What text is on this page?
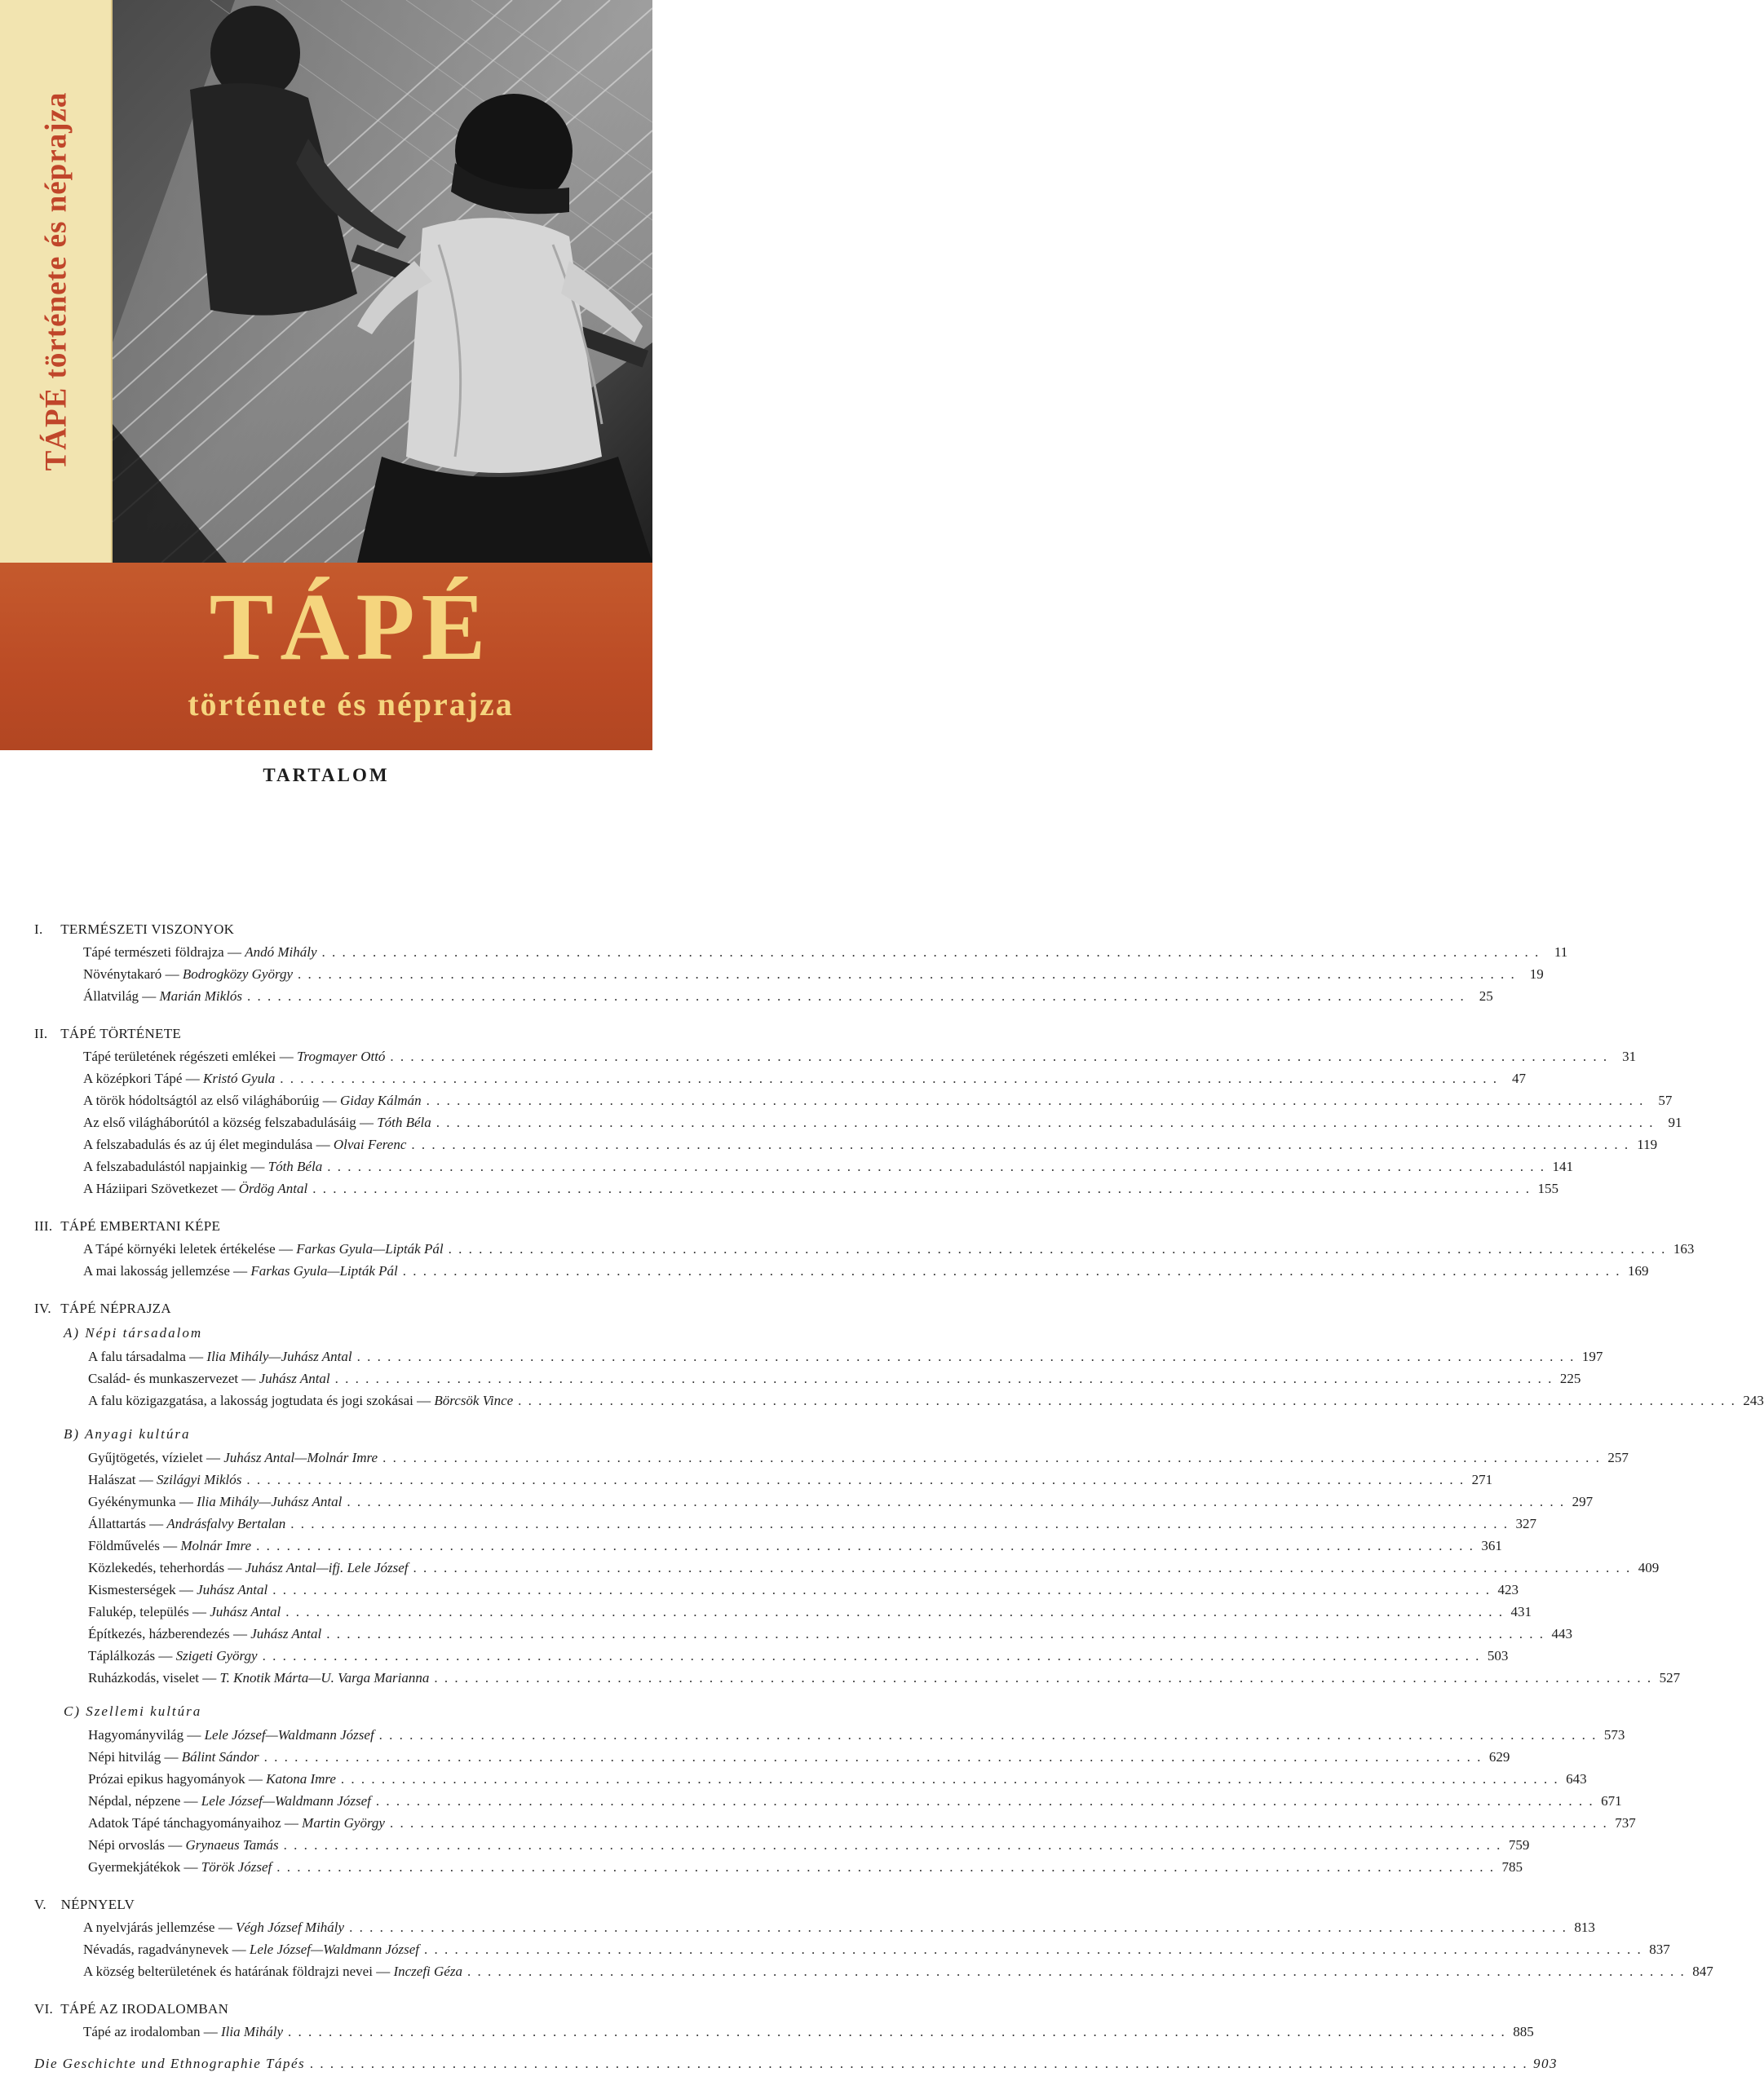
TÁPÉ története és néprajza
TÁPÉ
története és néprajza
TARTALOM
I. TERMÉSZETI VISZONYOK
Tápé természeti földrajza — Andó Mihály . . . . . . . . . . . . . . . . . . . . . . . . . . . . . . . . . . . . . . . . . . . . . . . . . . . . . . . . . . . . . . . . . . . . . . . . . . . . . . . . . . . . . . . . . . . . . . . . . . . . . . . . . . . . . . . . . . . . . . . .	11
Növénytakaró — Bodrogközy György . . . . . . . . . . . . . . . . . . . . . . . . . . . . . . . . . . . . . . . . . . . . . . . . . . . . . . . . . . . . . . . . . . . . . . . . . . . . . . . . . . . . . . . . . . . . . . . . . . . . . . . . . . . . . . . . . . . . . . . .	19
Állatvilág — Marián Miklós . . . . . . . . . . . . . . . . . . . . . . . . . . . . . . . . . . . . . . . . . . . . . . . . . . . . . . . . . . . . . . . . . . . . . . . . . . . . . . . . . . . . . . . . . . . . . . . . . . . . . . . . . . . . . . . . . . . . . . . .	25
II. TÁPÉ TÖRTÉNETE
Tápé területének régészeti emlékei — Trogmayer Ottó . . . . . . . . . . . . . . . . . . . . . . . . . . . . . . . . . . . . . . . . . . . . . . . . . . . . . . . . . . . . . . . . . . . . . . . . . . . . . . . . . . . . . . . . . . . . . . . . . . . . . . . . . . . . . . . . . . . . . . . .	31
A középkori Tápé — Kristó Gyula . . . . . . . . . . . . . . . . . . . . . . . . . . . . . . . . . . . . . . . . . . . . . . . . . . . . . . . . . . . . . . . . . . . . . . . . . . . . . . . . . . . . . . . . . . . . . . . . . . . . . . . . . . . . . . . . . . . . . . . .	47
A török hódoltságtól az első világháborúig — Giday Kálmán . . . . . . . . . . . . . . . . . . . . . . . . . . . . . . . . . . . . . . . . . . . . . . . . . . . . . . . . . . . . . . . . . . . . . . . . . . . . . . . . . . . . . . . . . . . . . . . . . . . . . . . . . . . . . . . . . . . . . . . .	57
Az első világháborútól a község felszabadulásáig — Tóth Béla . . . . . . . . . . . . . . . . . . . . . . . . . . . . . . . . . . . . . . . . . . . . . . . . . . . . . . . . . . . . . . . . . . . . . . . . . . . . . . . . . . . . . . . . . . . . . . . . . . . . . . . . . . . . . . . . . . . . . . . .	91
A felszabadulás és az új élet megindulása — Olvai Ferenc . . . . . . . . . . . . . . . . . . . . . . . . . . . . . . . . . . . . . . . . . . . . . . . . . . . . . . . . . . . . . . . . . . . . . . . . . . . . . . . . . . . . . . . . . . . . . . . . . . . . . . . . . . . . . . . . . . . . . . . . 119
A felszabadulástól napjainkig — Tóth Béla . . . . . . . . . . . . . . . . . . . . . . . . . . . . . . . . . . . . . . . . . . . . . . . . . . . . . . . . . . . . . . . . . . . . . . . . . . . . . . . . . . . . . . . . . . . . . . . . . . . . . . . . . . . . . . . . . . . . . . . . 141
A Háziipari Szövetkezet — Ördög Antal . . . . . . . . . . . . . . . . . . . . . . . . . . . . . . . . . . . . . . . . . . . . . . . . . . . . . . . . . . . . . . . . . . . . . . . . . . . . . . . . . . . . . . . . . . . . . . . . . . . . . . . . . . . . . . . . . . . . . . . . 155
III. TÁPÉ EMBERTANI KÉPE
A Tápé környéki leletek értékelése — Farkas Gyula—Lipták Pál . . . . . . . . . . . . . . . . . . . . . . . . . . . . . . . . . . . . . . . . . . . . . . . . . . . . . . . . . . . . . . . . . . . . . . . . . . . . . . . . . . . . . . . . . . . . . . . . . . . . . . . . . . . . . . . . . . . . . . . . 163
A mai lakosság jellemzése — Farkas Gyula—Lipták Pál . . . . . . . . . . . . . . . . . . . . . . . . . . . . . . . . . . . . . . . . . . . . . . . . . . . . . . . . . . . . . . . . . . . . . . . . . . . . . . . . . . . . . . . . . . . . . . . . . . . . . . . . . . . . . . . . . . . . . . . . 169
IV. TÁPÉ NÉPRAJZA
A) Népi társadalom
A falu társadalma — Ilia Mihály—Juhász Antal . . . . . . . . . . . . . . . . . . . . . . . . . . . . . . . . . . . . . . . . . . . . . . . . . . . . . . . . . . . . . . . . . . . . . . . . . . . . . . . . . . . . . . . . . . . . . . . . . . . . . . . . . . . . . . . . . . . . . . . . 197
Család- és munkaszervezet — Juhász Antal . . . . . . . . . . . . . . . . . . . . . . . . . . . . . . . . . . . . . . . . . . . . . . . . . . . . . . . . . . . . . . . . . . . . . . . . . . . . . . . . . . . . . . . . . . . . . . . . . . . . . . . . . . . . . . . . . . . . . . . . 225
A falu közigazgatása, a lakosság jogtudata és jogi szokásai — Börcsök Vince . . . . . . . . . . . . . . . . . . . . . . . . . . . . . . . . . . . . . . . . . . . . . . . . . . . . . . . . . . . . . . . . . . . . . . . . . . . . . . . . . . . . . . . . . . . . . . . . . . . . . . . . . . . . . . . . . . . . . . . . 243
B) Anyagi kultúra
Gyűjtögetés, vízielet — Juhász Antal—Molnár Imre . . . . . . . . . . . . . . . . . . . . . . . . . . . . . . . . . . . . . . . . . . . . . . . . . . . . . . . . . . . . . . . . . . . . . . . . . . . . . . . . . . . . . . . . . . . . . . . . . . . . . . . . . . . . . . . . . . . . . . . . 257
Halászat — Szilágyi Miklós . . . . . . . . . . . . . . . . . . . . . . . . . . . . . . . . . . . . . . . . . . . . . . . . . . . . . . . . . . . . . . . . . . . . . . . . . . . . . . . . . . . . . . . . . . . . . . . . . . . . . . . . . . . . . . . . . . . . . . . . 271
Gyékénymunka — Ilia Mihály—Juhász Antal . . . . . . . . . . . . . . . . . . . . . . . . . . . . . . . . . . . . . . . . . . . . . . . . . . . . . . . . . . . . . . . . . . . . . . . . . . . . . . . . . . . . . . . . . . . . . . . . . . . . . . . . . . . . . . . . . . . . . . . . 297
Állattartás — Andrásfalvy Bertalan . . . . . . . . . . . . . . . . . . . . . . . . . . . . . . . . . . . . . . . . . . . . . . . . . . . . . . . . . . . . . . . . . . . . . . . . . . . . . . . . . . . . . . . . . . . . . . . . . . . . . . . . . . . . . . . . . . . . . . . . 327
Földművelés — Molnár Imre . . . . . . . . . . . . . . . . . . . . . . . . . . . . . . . . . . . . . . . . . . . . . . . . . . . . . . . . . . . . . . . . . . . . . . . . . . . . . . . . . . . . . . . . . . . . . . . . . . . . . . . . . . . . . . . . . . . . . . . . 361
Közlekedés, teherhordás — Juhász Antal—ifj. Lele József . . . . . . . . . . . . . . . . . . . . . . . . . . . . . . . . . . . . . . . . . . . . . . . . . . . . . . . . . . . . . . . . . . . . . . . . . . . . . . . . . . . . . . . . . . . . . . . . . . . . . . . . . . . . . . . . . . . . . . . . 409
Kismesterségek — Juhász Antal . . . . . . . . . . . . . . . . . . . . . . . . . . . . . . . . . . . . . . . . . . . . . . . . . . . . . . . . . . . . . . . . . . . . . . . . . . . . . . . . . . . . . . . . . . . . . . . . . . . . . . . . . . . . . . . . . . . . . . . . 423
Falukép, település — Juhász Antal . . . . . . . . . . . . . . . . . . . . . . . . . . . . . . . . . . . . . . . . . . . . . . . . . . . . . . . . . . . . . . . . . . . . . . . . . . . . . . . . . . . . . . . . . . . . . . . . . . . . . . . . . . . . . . . . . . . . . . . . 431
Építkezés, házberendezés — Juhász Antal . . . . . . . . . . . . . . . . . . . . . . . . . . . . . . . . . . . . . . . . . . . . . . . . . . . . . . . . . . . . . . . . . . . . . . . . . . . . . . . . . . . . . . . . . . . . . . . . . . . . . . . . . . . . . . . . . . . . . . . . 443
Táplálkozás — Szigeti György . . . . . . . . . . . . . . . . . . . . . . . . . . . . . . . . . . . . . . . . . . . . . . . . . . . . . . . . . . . . . . . . . . . . . . . . . . . . . . . . . . . . . . . . . . . . . . . . . . . . . . . . . . . . . . . . . . . . . . . . 503
Ruházkodás, viselet — T. Knotik Márta—U. Varga Marianna . . . . . . . . . . . . . . . . . . . . . . . . . . . . . . . . . . . . . . . . . . . . . . . . . . . . . . . . . . . . . . . . . . . . . . . . . . . . . . . . . . . . . . . . . . . . . . . . . . . . . . . . . . . . . . . . . . . . . . . . 527
C) Szellemi kultúra
Hagyományvilág — Lele József—Waldmann József . . . . . . . . . . . . . . . . . . . . . . . . . . . . . . . . . . . . . . . . . . . . . . . . . . . . . . . . . . . . . . . . . . . . . . . . . . . . . . . . . . . . . . . . . . . . . . . . . . . . . . . . . . . . . . . . . . . . . . . . 573
Népi hitvilág — Bálint Sándor . . . . . . . . . . . . . . . . . . . . . . . . . . . . . . . . . . . . . . . . . . . . . . . . . . . . . . . . . . . . . . . . . . . . . . . . . . . . . . . . . . . . . . . . . . . . . . . . . . . . . . . . . . . . . . . . . . . . . . . . 629
Prózai epikus hagyományok — Katona Imre . . . . . . . . . . . . . . . . . . . . . . . . . . . . . . . . . . . . . . . . . . . . . . . . . . . . . . . . . . . . . . . . . . . . . . . . . . . . . . . . . . . . . . . . . . . . . . . . . . . . . . . . . . . . . . . . . . . . . . . . 643
Népdal, népzene — Lele József—Waldmann József . . . . . . . . . . . . . . . . . . . . . . . . . . . . . . . . . . . . . . . . . . . . . . . . . . . . . . . . . . . . . . . . . . . . . . . . . . . . . . . . . . . . . . . . . . . . . . . . . . . . . . . . . . . . . . . . . . . . . . . . 671
Adatok Tápé tánchagyományaihoz — Martin György . . . . . . . . . . . . . . . . . . . . . . . . . . . . . . . . . . . . . . . . . . . . . . . . . . . . . . . . . . . . . . . . . . . . . . . . . . . . . . . . . . . . . . . . . . . . . . . . . . . . . . . . . . . . . . . . . . . . . . . . 737
Népi orvoslás — Grynaeus Tamás . . . . . . . . . . . . . . . . . . . . . . . . . . . . . . . . . . . . . . . . . . . . . . . . . . . . . . . . . . . . . . . . . . . . . . . . . . . . . . . . . . . . . . . . . . . . . . . . . . . . . . . . . . . . . . . . . . . . . . . . 759
Gyermekjátékok — Török József . . . . . . . . . . . . . . . . . . . . . . . . . . . . . . . . . . . . . . . . . . . . . . . . . . . . . . . . . . . . . . . . . . . . . . . . . . . . . . . . . . . . . . . . . . . . . . . . . . . . . . . . . . . . . . . . . . . . . . . . 785
V. NÉPNYELV
A nyelvjárás jellemzése — Végh József Mihály . . . . . . . . . . . . . . . . . . . . . . . . . . . . . . . . . . . . . . . . . . . . . . . . . . . . . . . . . . . . . . . . . . . . . . . . . . . . . . . . . . . . . . . . . . . . . . . . . . . . . . . . . . . . . . . . . . . . . . . . 813
Névadás, ragadványnevek — Lele József—Waldmann József . . . . . . . . . . . . . . . . . . . . . . . . . . . . . . . . . . . . . . . . . . . . . . . . . . . . . . . . . . . . . . . . . . . . . . . . . . . . . . . . . . . . . . . . . . . . . . . . . . . . . . . . . . . . . . . . . . . . . . . . 837
A község belterületének és határának földrajzi nevei — Inczefi Géza . . . . . . . . . . . . . . . . . . . . . . . . . . . . . . . . . . . . . . . . . . . . . . . . . . . . . . . . . . . . . . . . . . . . . . . . . . . . . . . . . . . . . . . . . . . . . . . . . . . . . . . . . . . . . . . . . . . . . . . . 847
VI. TÁPÉ AZ IRODALOMBAN
Tápé az irodalomban — Ilia Mihály . . . . . . . . . . . . . . . . . . . . . . . . . . . . . . . . . . . . . . . . . . . . . . . . . . . . . . . . . . . . . . . . . . . . . . . . . . . . . . . . . . . . . . . . . . . . . . . . . . . . . . . . . . . . . . . . . . . . . . . . 885
Die Geschichte und Ethnographie Tápés . . . . . . . . . . . . . . . . . . . . . . . . . . . . . . . . . . . . . . . . . . . . . . . . . . . . . . . . . . . . . . . . . . . . . . . . . . . . . . . . . . . . . . . . . . . . . . . . . . . . . . . . . . . . . . . . . . . . . . . . 903
